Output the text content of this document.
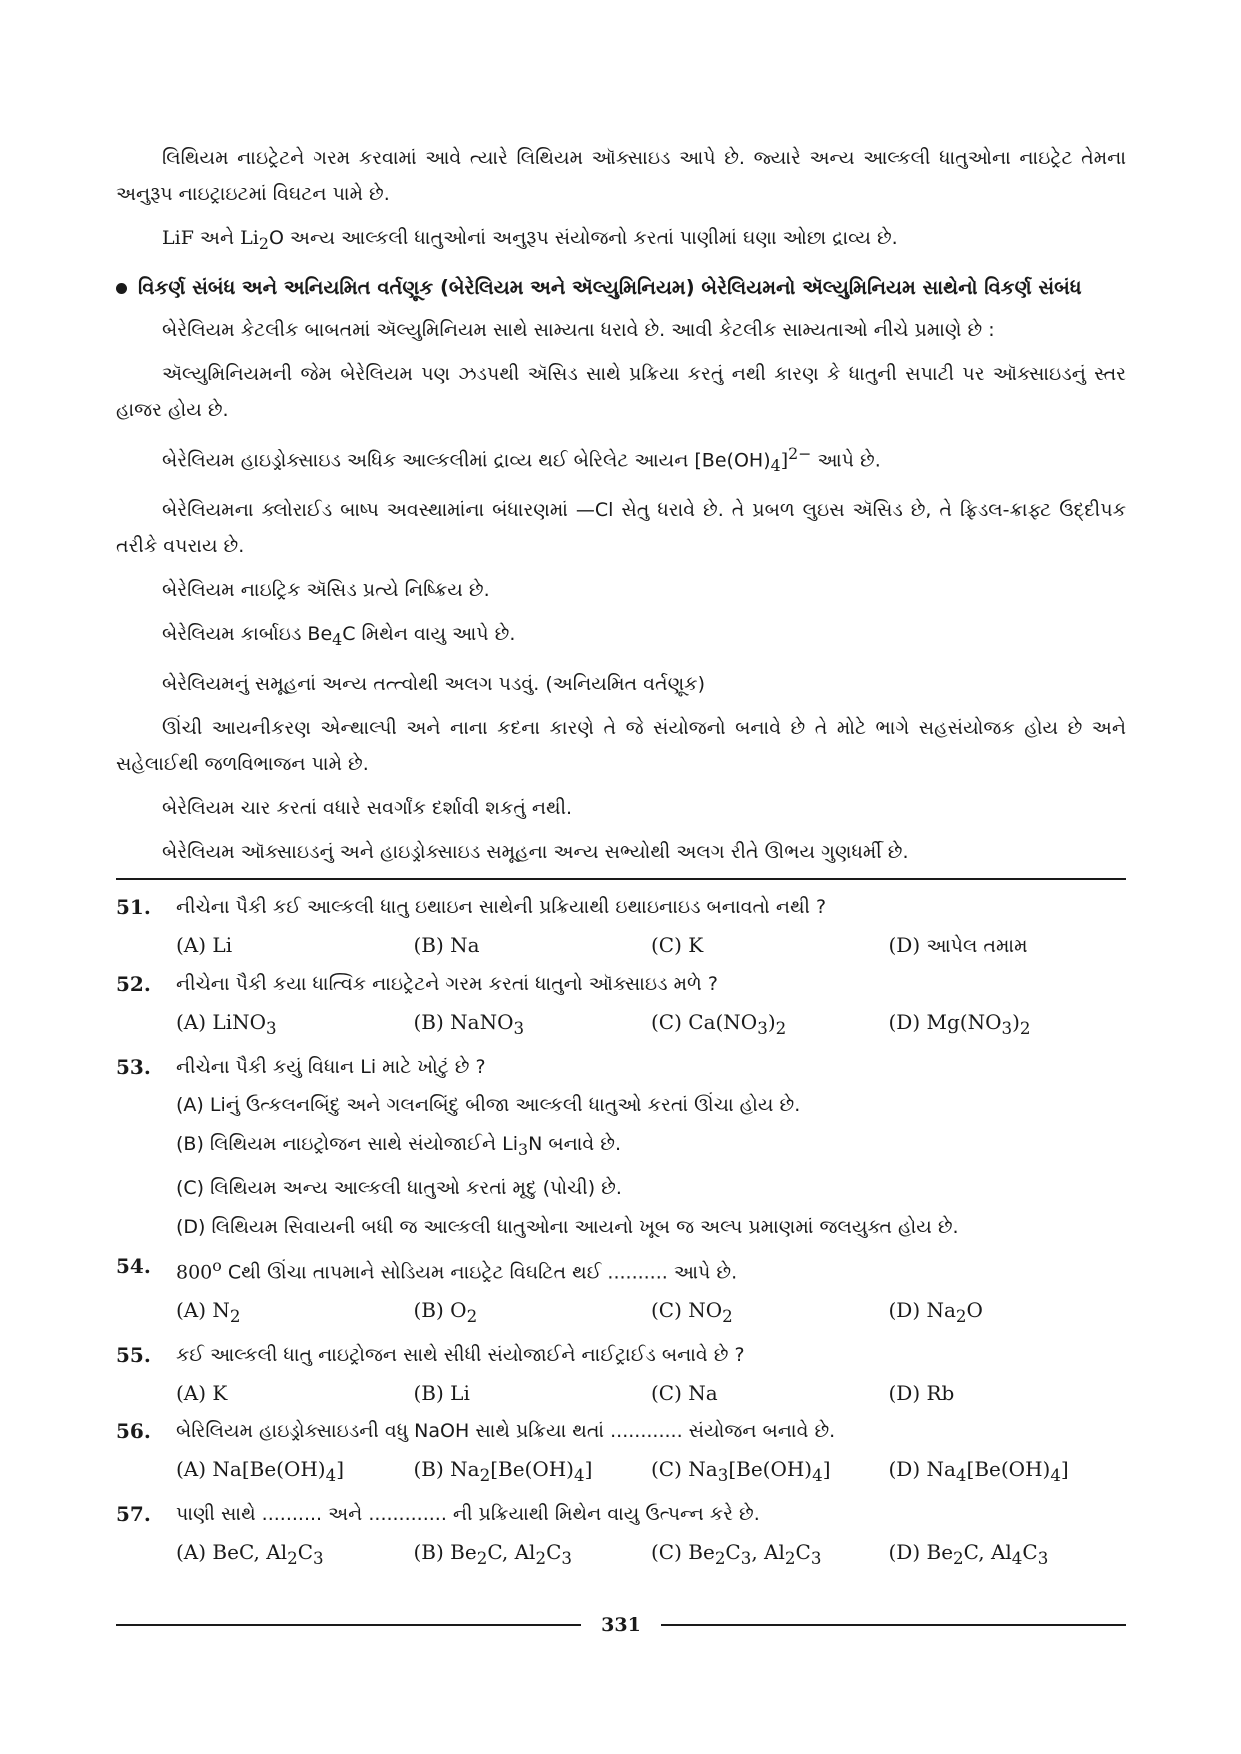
લિથિયમ નાઇટ્રેટને ગરમ કરવામાં આવે ત્યારે લિથિયમ ઑક્સાઇડ આપે છે. જ્યારે અન્ય આલ્કલી ધાતુઓના નાઇટ્રેટ તેમના અનુરૂપ નાઇટ્રાઇટમાં વિઘટન પામે છે.

LiF અને $Li_2O$ અન્ય આલ્કલી ધાતુઓનાં અનુરૂપ સંયોજનો કરતાં પાણીમાં ઘણા ઓછા દ્રાવ્ય છે.

વિકર્ણ સંબંધ અને અનિયમિત વર્તણૂક (બેરેલિયમ અને ઍલ્યુમિનિયમ) બેરેલિયમનો ઍલ્યુમિનિયમ સાથેનો વિકર્ણ સંબંધ

બેરેલિયમ કેટલીક બાબતમાં ઍલ્યુમિનિયમ સાથે સામ્યતા ધરાવે છે. આવી કેટલીક સામ્યતાઓ નીચે પ્રમાણે છે :

ઍલ્યુમિનિયમની જેમ બેરેલિયમ પણ ઝડપથી ઍસિડ સાથે પ્રક્રિયા કરતું નથી કારણ કે ધાતુની સપાટી પર ઑક્સાઇડનું સ્તર હાજર હોય છે.

બેરેલિયમ હાઇડ્રોક્સાઇડ અધિક આલ્કલીમાં દ્રાવ્ય થઈ બેરિલેટ આયન $[Be(OH)_4]^{2-}$ આપે છે.

બેરેલિયમના ક્લોરાઈડ બાષ્પ અવસ્થામાંના બંધારણમાં —Cl સેતુ ધરાવે છે. તે પ્રબળ લુઇસ ઍસિડ છે, તે ફ્રિડલ-ક્રાફ્ટ ઉદ્દીપક તરીકે વપરાય છે.

બેરેલિયમ નાઇટ્રિક ઍસિડ પ્રત્યે નિષ્ક્રિય છે.

બેરેલિયમ કાર્બાઇડ $Be_4C$ મિથેન વાયુ આપે છે.

બેરેલિયમનું સમૂહનાં અન્ય તત્ત્વોથી અલગ પડવું. (અનિયમિત વર્તણૂક)

ઊંચી આયનીકરણ એન્થાલ્પી અને નાના કદના કારણે તે જે સંયોજનો બનાવે છે તે મોટે ભાગે સહસંયોજક હોય છે અને સહેલાઈથી જળવિભાજન પામે છે.

બેરેલિયમ ચાર કરતાં વધારે સવર્ગાંક દર્શાવી શકતું નથી.

બેરેલિયમ ઑક્સાઇડનું અને હાઇડ્રોક્સાઇડ સમૂહના અન્ય સભ્યોથી અલગ રીતે ઊભય ગુણધર્મી છે.

51. નીચેના પૈકી કઈ આલ્કલી ધાતુ ઇથાઇન સાથેની પ્રક્રિયાથી ઇથાઇનાઇડ બનાવતો નથી ?
(A) Li	(B) Na	(C) K	(D) આપેલ તમામ
52. નીચેના પૈકી કયા ધાત્વિક નાઇટ્રેટને ગરમ કરતાં ધાતુનો ઑક્સાઇડ મળે ?
(A) LiNO$_3$	(B) NaNO$_3$	(C) $Ca(NO_3)_2$	(D) $Mg(NO_3)_2$
53. નીચેના પૈકી કયું વિધાન Li માટે ખોટું છે ?
(A) Liનું ઉત્કલનબિંદુ અને ગલનબિંદુ બીજા આલ્કલી ધાતુઓ કરતાં ઊંચા હોય છે.
(B) લિથિયમ નાઇટ્રોજન સાથે સંયોજાઈને $Li_3N$ બનાવે છે.
(C) લિથિયમ અન્ય આલ્કલી ધાતુઓ કરતાં મૃદુ (પોચી) છે.
(D) લિથિયમ સિવાયની બધી જ આલ્કલી ધાતુઓના આયનો ખૂબ જ અલ્પ પ્રમાણમાં જલયુક્ત હોય છે.
54. 800$^o$ Cથી ઊંચા તાપમાને સોડિયમ નાઇટ્રેટ વિઘટિત થઈ .......... આપે છે.
(A) $N_2$	(B) $O_2$	(C) $NO_2$	(D) $Na_2O$
55. કઈ આલ્કલી ધાતુ નાઇટ્રોજન સાથે સીધી સંયોજાઈને નાઈટ્રાઈડ બનાવે છે ?
(A) K	(B) Li	(C) Na	(D) Rb
56. બેરિલિયમ હાઇડ્રોક્સાઇડની વધુ NaOH સાથે પ્રક્રિયા થતાં ............ સંયોજન બનાવે છે.
(A) $Na[Be(OH)_4]$	(B) $Na_2[Be(OH)_4]$	(C) $Na_3[Be(OH)_4]$	(D) $Na_4[Be(OH)_4]$
57. પાણી સાથે .......... અને ............. ની પ્રક્રિયાથી મિથેન વાયુ ઉત્પન્ન કરે છે.
(A) BeC, $Al_2C_3$	(B) $Be_2C$, $Al_2C_3$	(C) $Be_2C_3$, $Al_2C_3$	(D) $Be_2C$, $Al_4C_3$
331
